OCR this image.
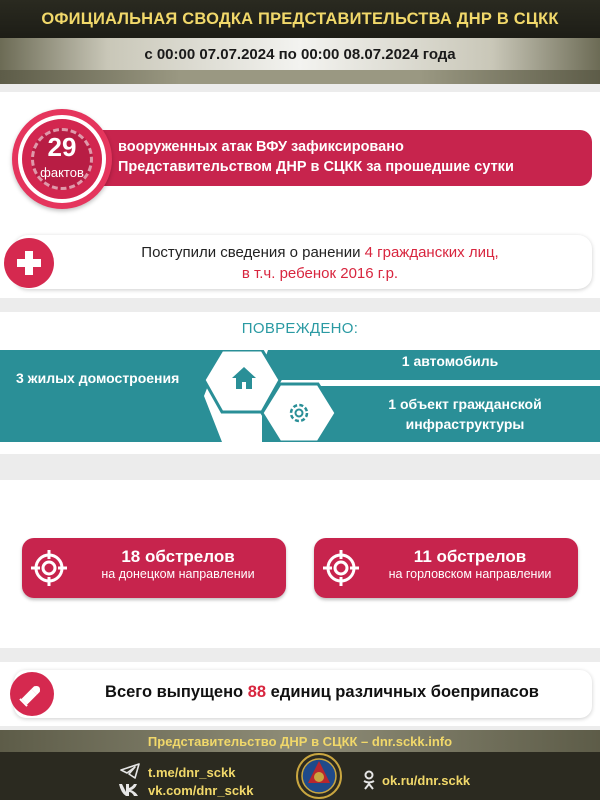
ОФИЦИАЛЬНАЯ СВОДКА ПРЕДСТАВИТЕЛЬСТВА ДНР В СЦКК
с 00:00 07.07.2024 по 00:00 08.07.2024 года
вооруженных атак ВФУ зафиксировано
Представительством ДНР в СЦКК за прошедшие сутки
29
фактов
Поступили сведения о ранении 4 гражданских лиц,
в т.ч. ребенок 2016 г.р.
ПОВРЕЖДЕНО:
3 жилых домостроения
1 автомобиль
1 объект гражданской
инфраструктуры
18 обстрелов
на донецком направлении
11 обстрелов
на горловском направлении
Всего выпущено 88 единиц различных боеприпасов
Представительство ДНР в СЦКК – dnr.sckk.info
t.me/dnr_sckk
vk.com/dnr_sckk
ok.ru/dnr.sckk
